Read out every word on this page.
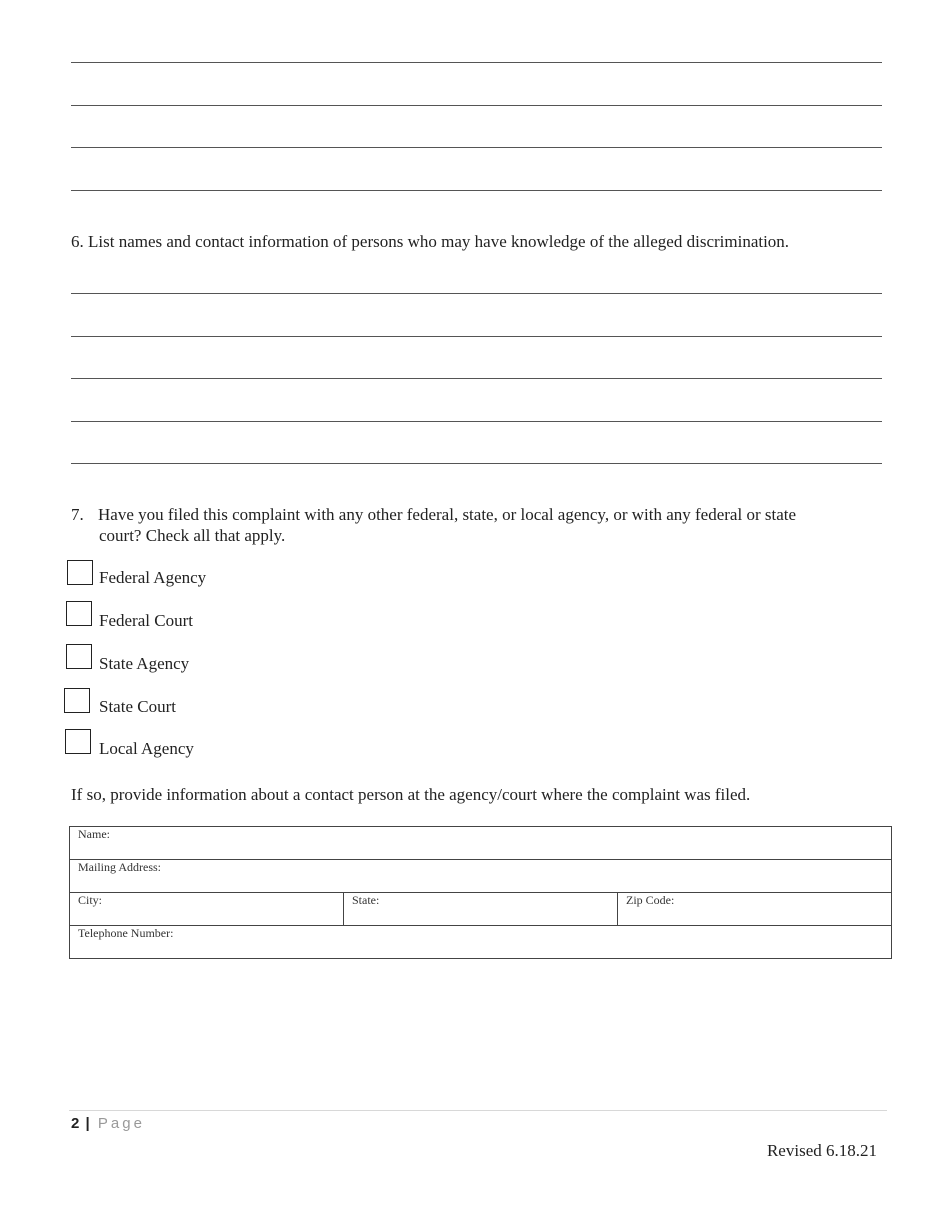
6. List names and contact information of persons who may have knowledge of the alleged discrimination.
7. Have you filed this complaint with any other federal, state, or local agency, or with any federal or state
court? Check all that apply.
Federal Agency
Federal Court
State Agency
State Court
Local Agency
If so, provide information about a contact person at the agency/court where the complaint was filed.
Name:
Mailing Address:
City:	State:	Zip Code:
Telephone Number:
2 | Page
Revised 6.18.21
